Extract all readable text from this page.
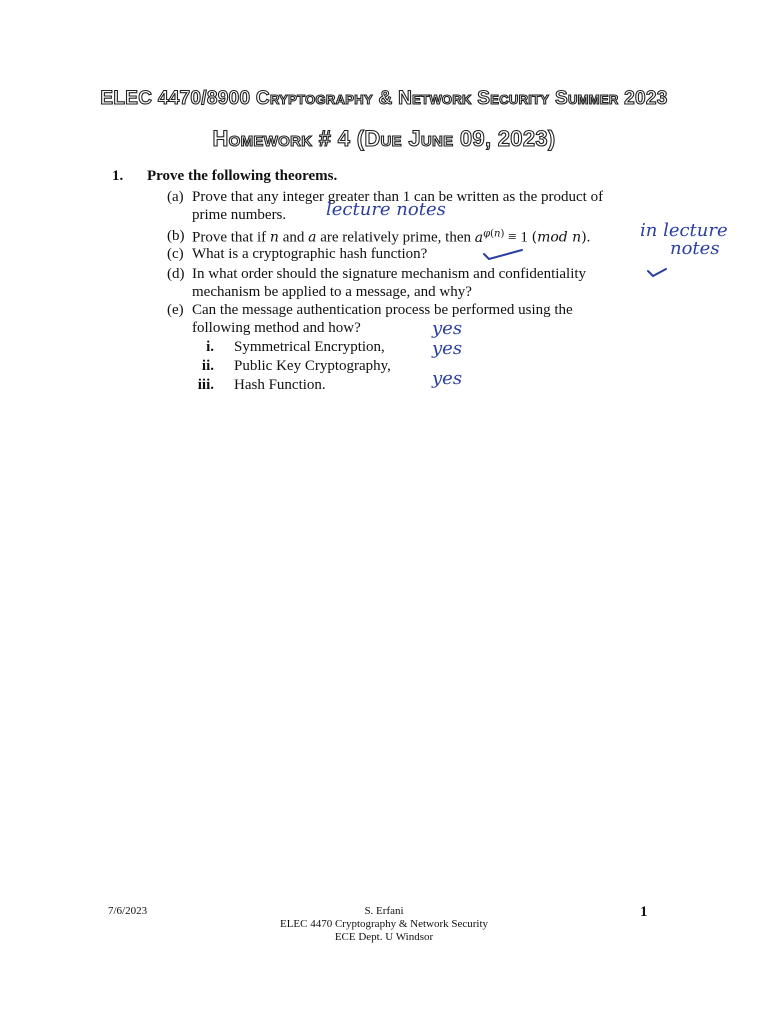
ELEC 4470/8900 Cryptography & Network Security Summer 2023
Homework # 4 (Due June 09, 2023)
1. Prove the following theorems.
(a) Prove that any integer greater than 1 can be written as the product of
prime numbers. lecture notes
(b) Prove that if n and a are relatively prime, then $a^{\varphi(n)} \equiv 1$ (mod n).	in lecture
notes
(c) What is a cryptographic hash function?
(d) In what order should the signature mechanism and confidentiality
mechanism be applied to a message, and why?
(e) Can the message authentication process be performed using the
following method and how?
i. Symmetrical Encryption,
ii. Public Key Cryptography,
iii. Hash Function.
yes
yes
yes
7/6/2023	S. Erfani
ELEC 4470 Cryptography & Network Security
ECE Dept. U Windsor
1
